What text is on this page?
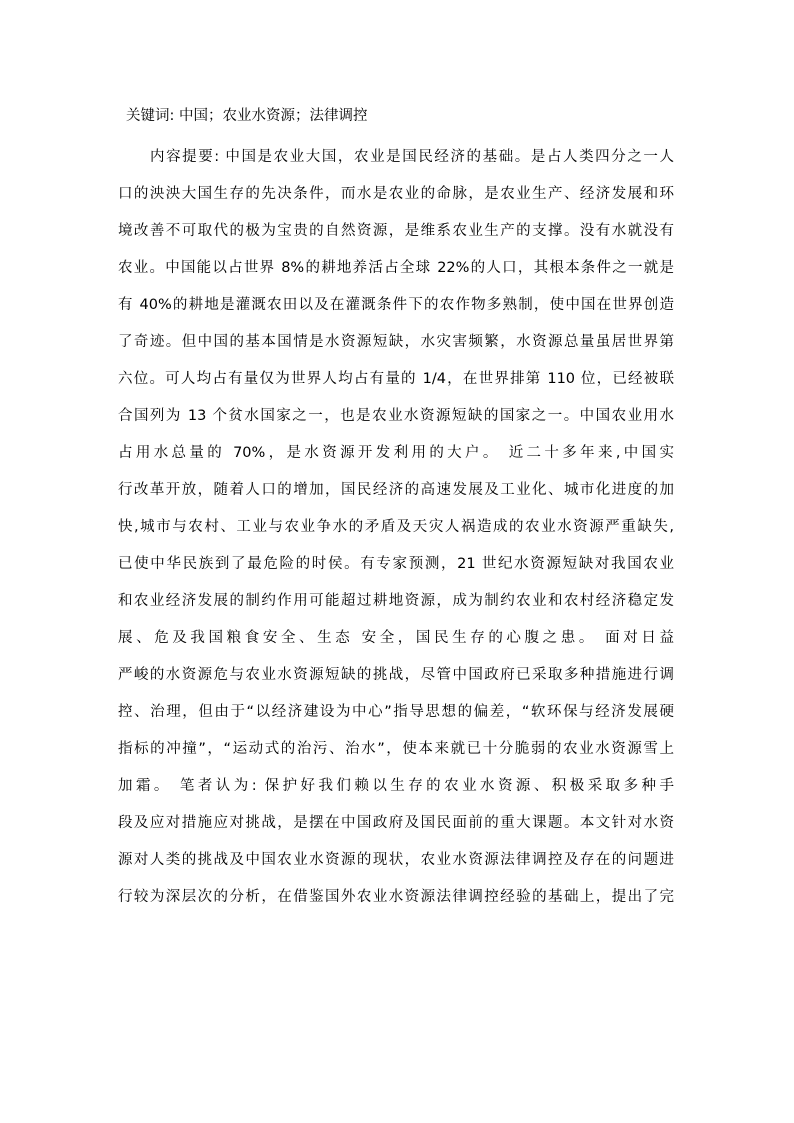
关键词: 中国；农业水资源；法律调控
内容提要: 中国是农业大国，农业是国民经济的基础。是占人类四分之一人
口的泱泱大国生存的先决条件，而水是农业的命脉，是农业生产、经济发展和环
境改善不可取代的极为宝贵的自然资源，是维系农业生产的支撑。没有水就没有
农业。中国能以占世界 8%的耕地养活占全球 22%的人口，其根本条件之一就是
有 40%的耕地是灌溉农田以及在灌溉条件下的农作物多熟制，使中国在世界创造
了奇迹。但中国的基本国情是水资源短缺，水灾害频繁，水资源总量虽居世界第
六位。可人均占有量仅为世界人均占有量的 1/4，在世界排第 110 位，已经被联
合国列为 13 个贫水国家之一，也是农业水资源短缺的国家之一。中国农业用水
占用水总量的 70%，是水资源开发利用的大户。 近二十多年来,中国实
行改革开放，随着人口的增加，国民经济的高速发展及工业化、城市化进度的加
快,城市与农村、工业与农业争水的矛盾及天灾人祸造成的农业水资源严重缺失,
已使中华民族到了最危险的时侯。有专家预测，21 世纪水资源短缺对我国农业
和农业经济发展的制约作用可能超过耕地资源，成为制约农业和农村经济稳定发
展、危及我国粮食安全、生态 安全，国民生存的心腹之患。 面对日益
严峻的水资源危与农业水资源短缺的挑战，尽管中国政府已采取多种措施进行调
控、治理，但由于“以经济建设为中心”指导思想的偏差，“软环保与经济发展硬
指标的冲撞”，“运动式的治污、治水”，使本来就已十分脆弱的农业水资源雪上
加霜。 笔者认为: 保护好我们赖以生存的农业水资源、积极采取多种手
段及应对措施应对挑战，是摆在中国政府及国民面前的重大课题。本文针对水资
源对人类的挑战及中国农业水资源的现状，农业水资源法律调控及存在的问题进
行较为深层次的分析，在借鉴国外农业水资源法律调控经验的基础上，提出了完
